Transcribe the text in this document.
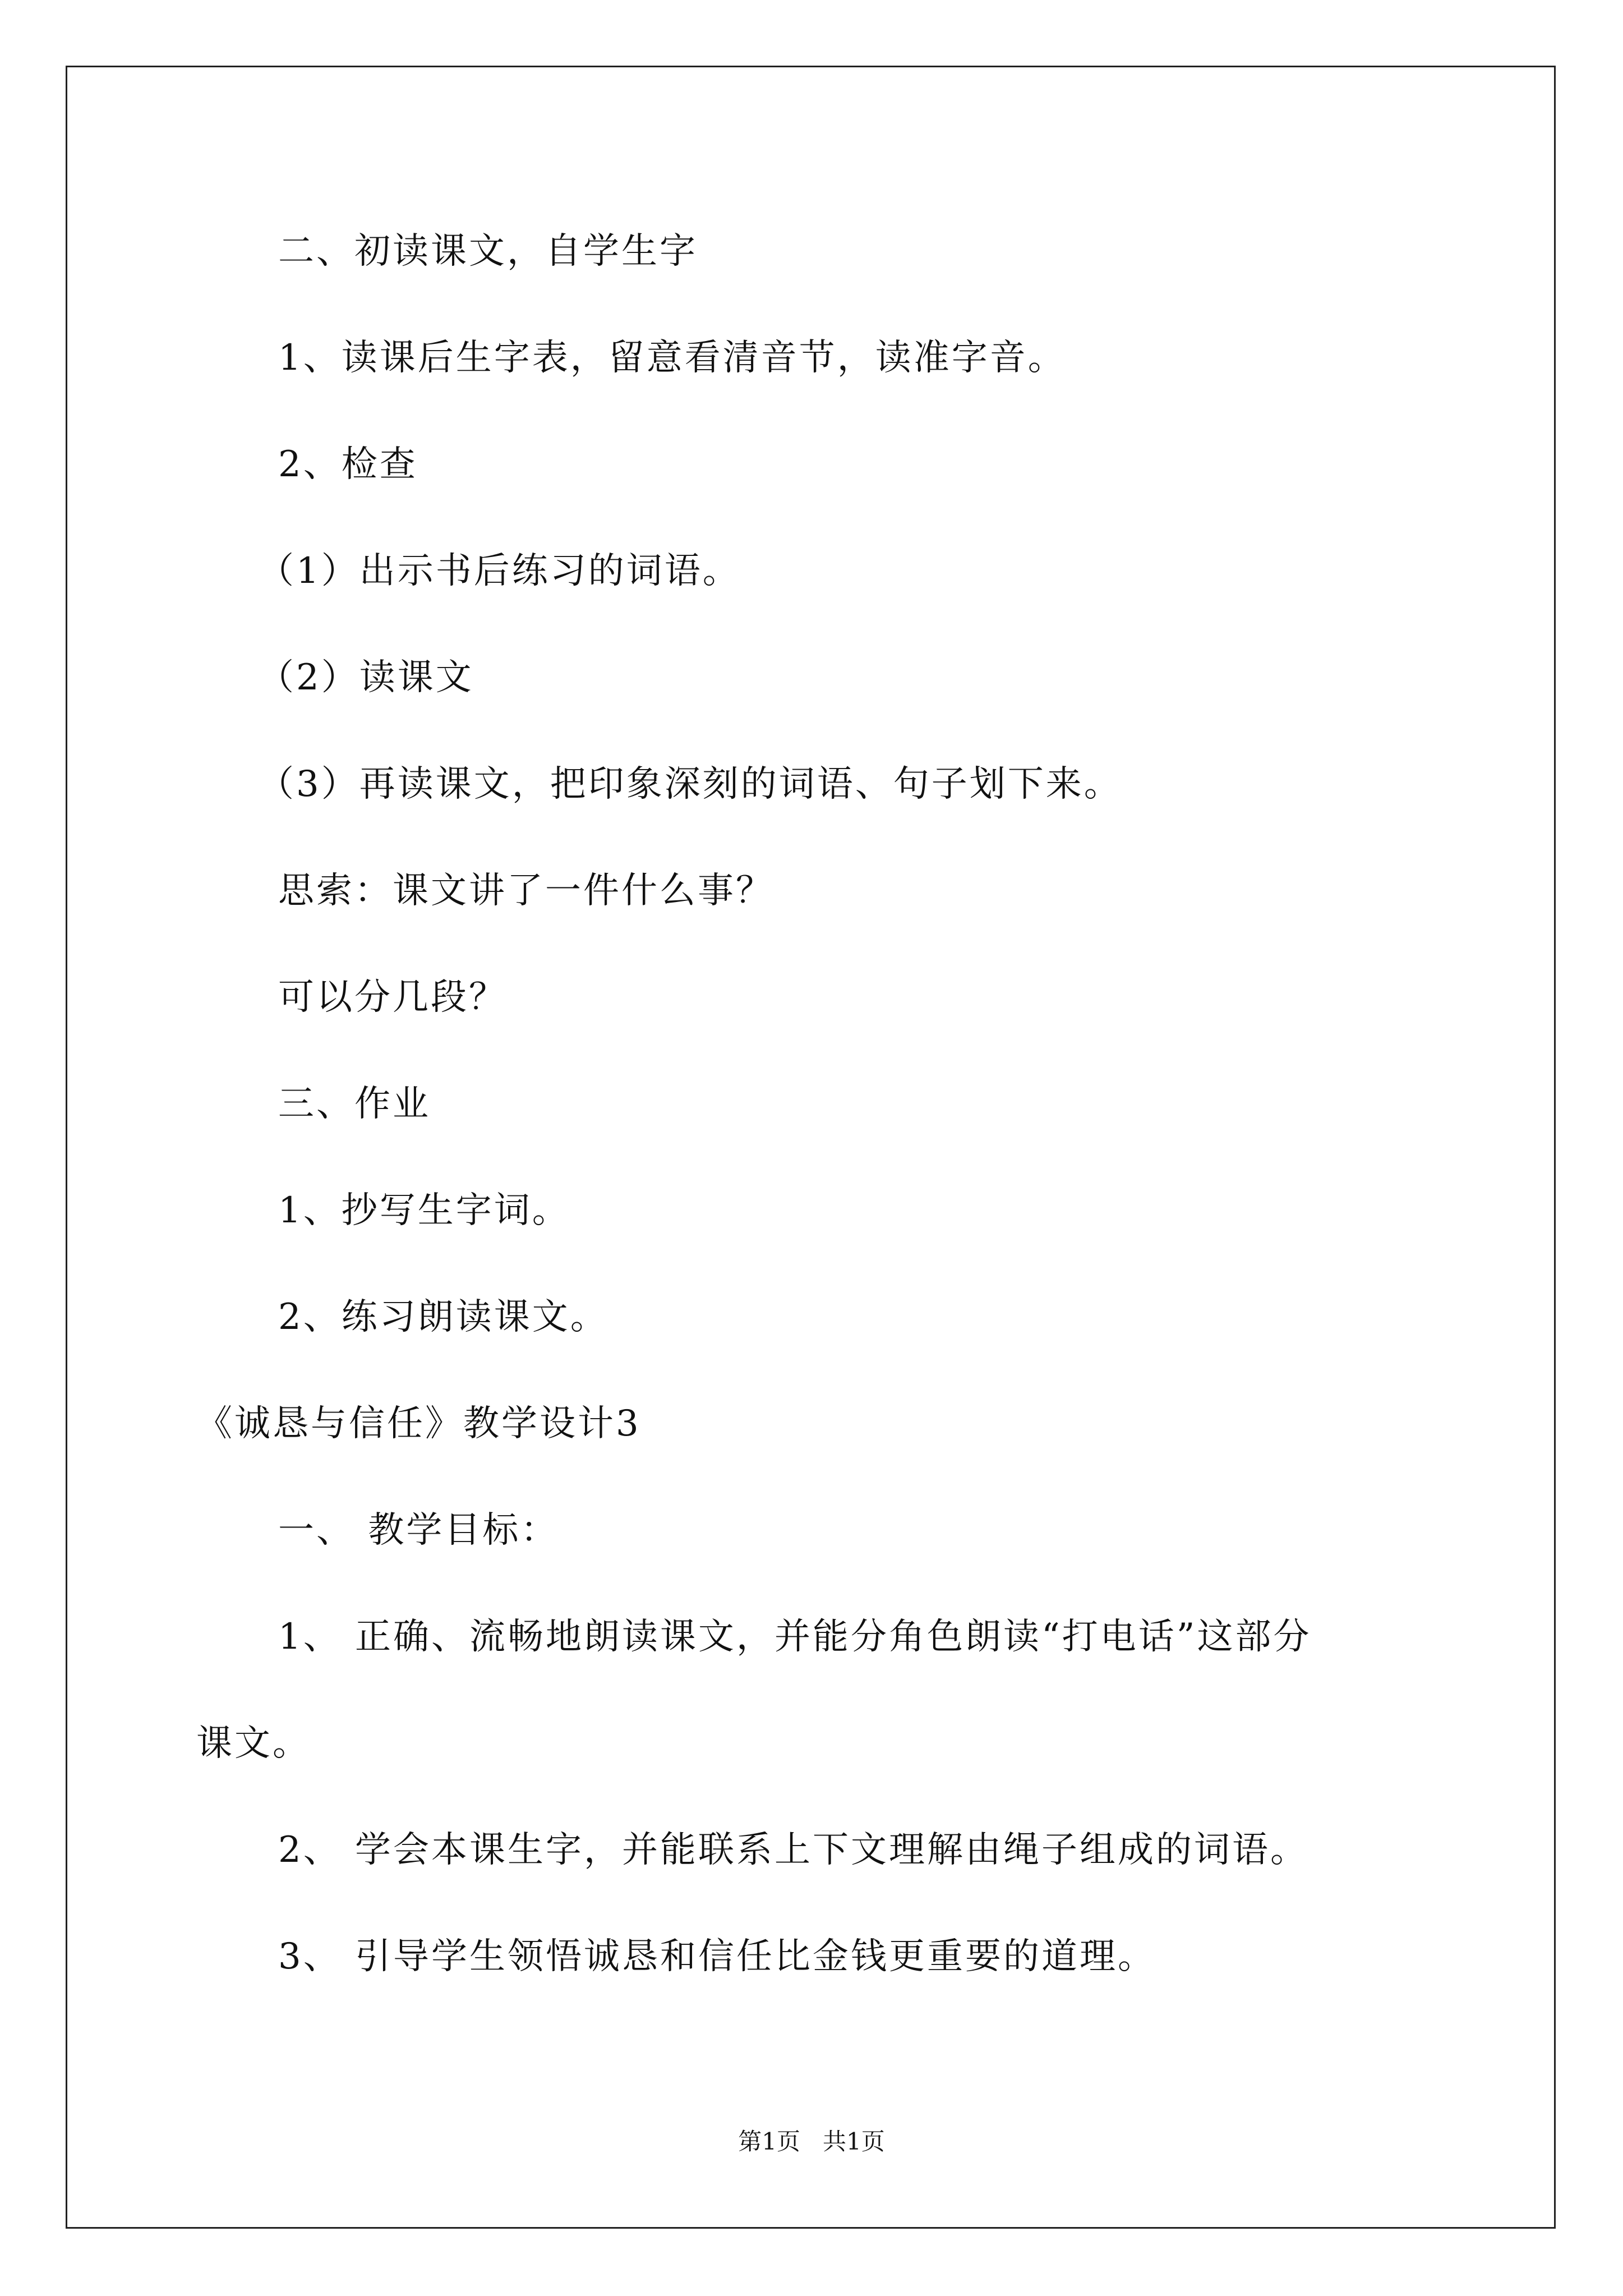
二、初读课文，自学生字
1、读课后生字表，留意看清音节，读准字音。
2、检查
（1）出示书后练习的词语。
（2）读课文
（3）再读课文，把印象深刻的词语、句子划下来。
思索：课文讲了一件什么事？
可以分几段？
三、作业
1、抄写生字词。
2、练习朗读课文。
《诚恳与信任》教学设计3
一、 教学目标：
1、 正确、流畅地朗读课文，并能分角色朗读“打电话”这部分
课文。
2、 学会本课生字，并能联系上下文理解由绳子组成的词语。
3、 引导学生领悟诚恳和信任比金钱更重要的道理。
第1页   共1页
